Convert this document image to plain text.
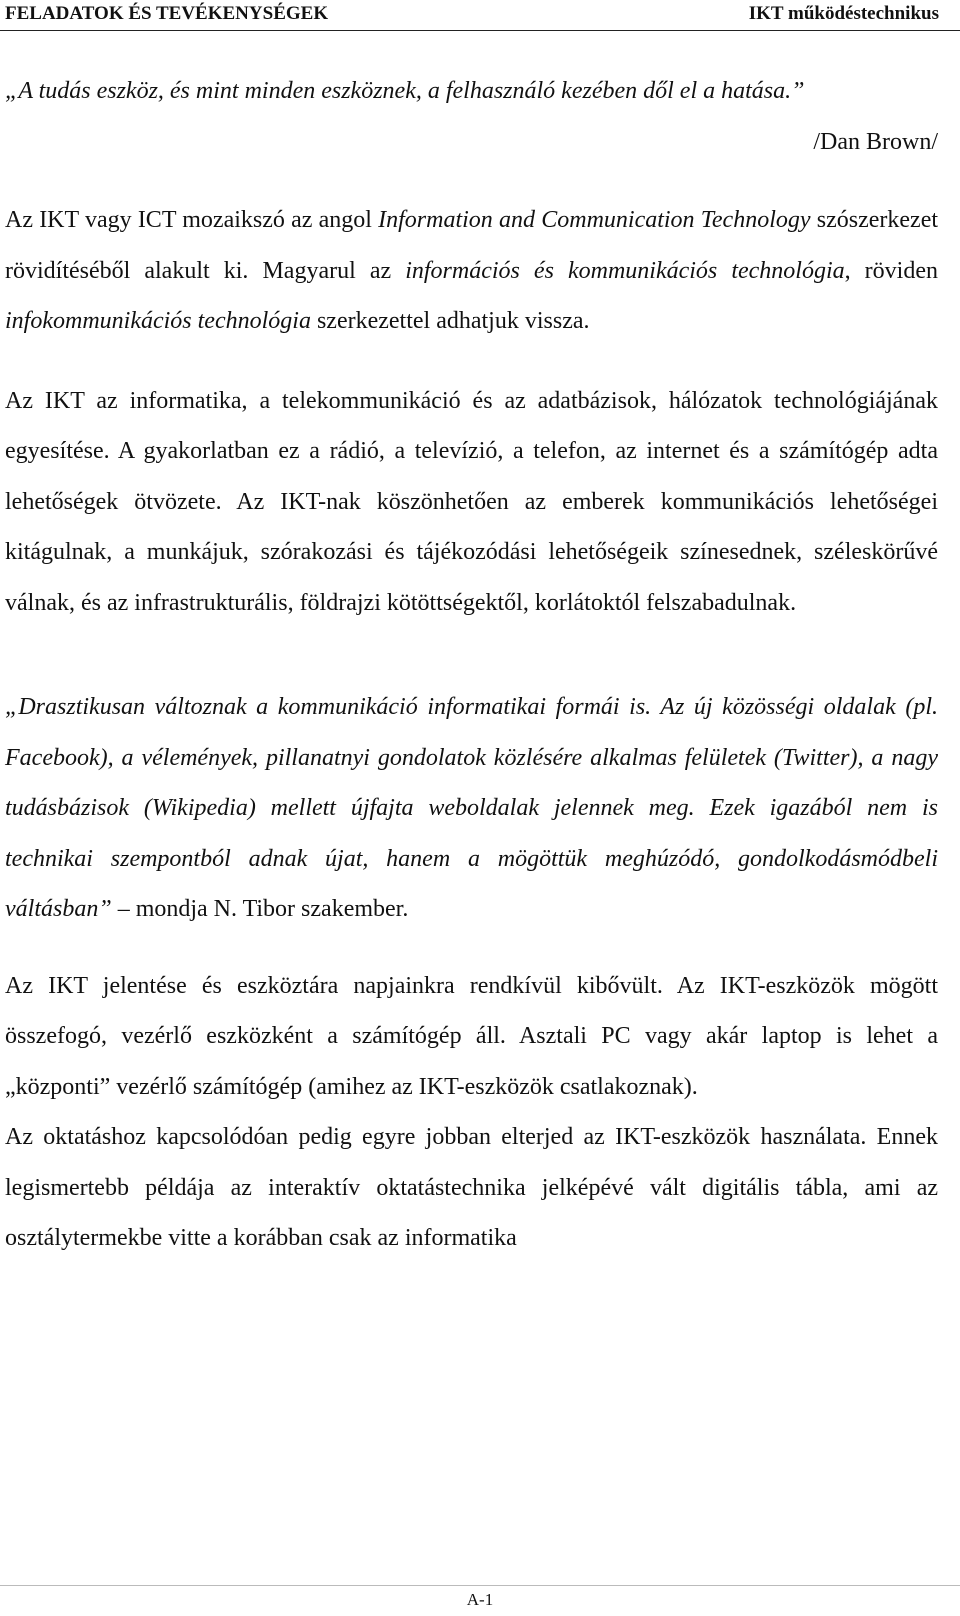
FELADATOK ÉS TEVÉKENYSÉGEK	IKT működéstechnikus

„A tudás eszköz, és mint minden eszköznek, a felhasználó kezében dől el a hatása.”

/Dan Brown/

Az IKT vagy ICT mozaikszó az angol Information and Communication Technology szószerkezet rövidítéséből alakult ki. Magyarul az információs és kommunikációs technológia, röviden infokommunikációs technológia szerkezettel adhatjuk vissza.

Az IKT az informatika, a telekommunikáció és az adatbázisok, hálózatok technológiájának egyesítése. A gyakorlatban ez a rádió, a televízió, a telefon, az internet és a számítógép adta lehetőségek ötvözete. Az IKT-nak köszönhetően az emberek kommunikációs lehetőségei kitágulnak, a munkájuk, szórakozási és tájékozódási lehetőségeik színesednek, széleskörűvé válnak, és az infrastrukturális, földrajzi kötöttségektől, korlátoktól felszabadulnak.

„Drasztikusan változnak a kommunikáció informatikai formái is. Az új közösségi oldalak (pl. Facebook), a vélemények, pillanatnyi gondolatok közlésére alkalmas felületek (Twitter), a nagy tudásbázisok (Wikipedia) mellett újfajta weboldalak jelennek meg. Ezek igazából nem is technikai szempontból adnak újat, hanem a mögöttük meghúzódó, gondolkodásmódbeli váltásban” – mondja N. Tibor szakember.

Az IKT jelentése és eszköztára napjainkra rendkívül kibővült. Az IKT-eszközök mögött összefogó, vezérlő eszközként a számítógép áll. Asztali PC vagy akár laptop is lehet a „központi” vezérlő számítógép (amihez az IKT-eszközök csatlakoznak).

Az oktatáshoz kapcsolódóan pedig egyre jobban elterjed az IKT-eszközök használata. Ennek legismertebb példája az interaktív oktatástechnika jelképévé vált digitális tábla, ami az osztálytermekbe vitte a korábban csak az informatika

A-1
